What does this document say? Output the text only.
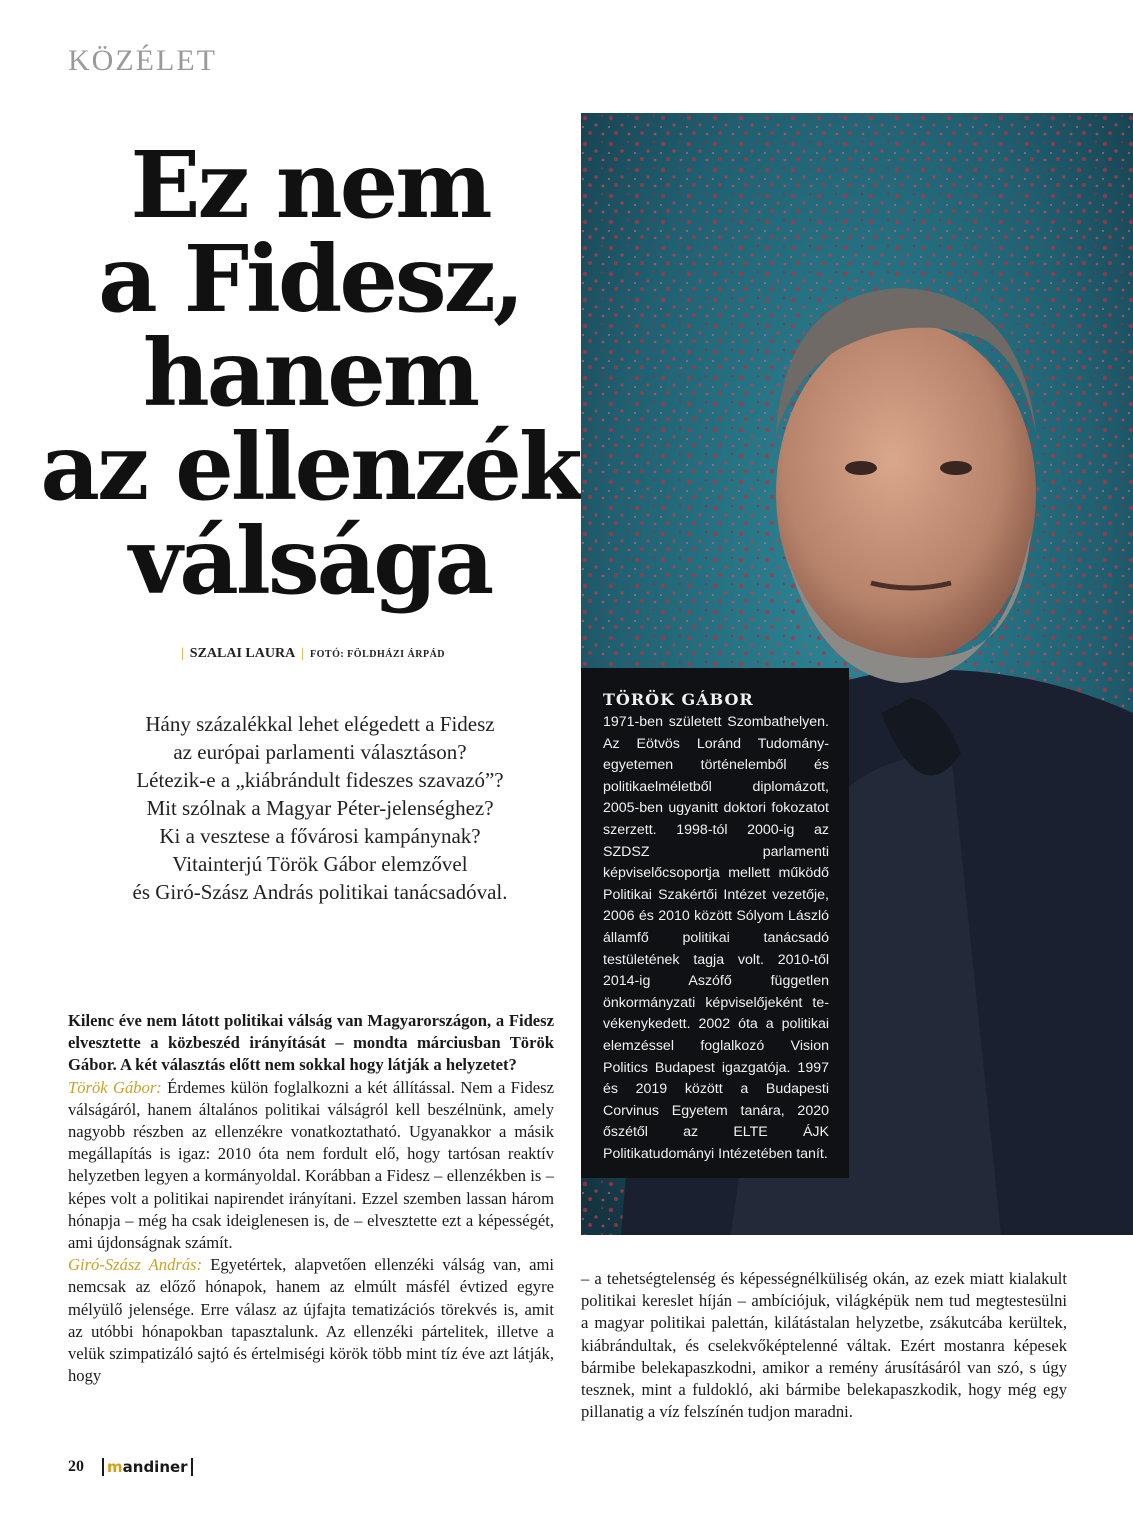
KÖZÉLET
Ez nem
a Fidesz,
hanem
az ellenzék
válsága
| SZALAI LAURA | FOTÓ: FÖLDHÁZI ÁRPÁD
Hány százalékkal lehet elégedett a Fidesz
az európai parlamenti választáson?
Létezik-e a „kiábrándult fideszes szavazó”?
Mit szólnak a Magyar Péter-jelenséghez?
Ki a vesztese a fővárosi kampánynak?
Vitainterjú Török Gábor elemzővel
és Giró-Szász András politikai tanácsadóval.
TÖRÖK GÁBOR
1971-ben született Szombathelyen. Az Eötvös Loránd Tudományegyetemen történelemből és politikaelméletből diplomázott, 2005-ben ugyanitt doktori fokozatot szerzett. 1998-tól 2000-ig az SZDSZ parlamenti képviselőcsoportja mellett működő Politikai Szakértői Intézet vezetője, 2006 és 2010 között Sólyom László államfő politikai tanácsadó testületének tagja volt. 2010-től 2014-ig Aszófő független önkormányzati képviselőjeként tevékenykedett. 2002 óta a politikai elemzéssel foglalkozó Vision Politics Budapest igazgatója. 1997 és 2019 között a Budapesti Corvinus Egyetem tanára, 2020 őszétől az ELTE ÁJK Politikatudományi Intézetében tanít.

Kilenc éve nem látott politikai válság van Magyarországon, a Fidesz elvesztette a közbeszéd irányítását – mondta márciusban Török Gábor. A két választás előtt nem sokkal hogy látják a helyzetet?

Török Gábor: Érdemes külön foglalkozni a két állítással. Nem a Fidesz válságáról, hanem általános politikai válságról kell beszélnünk, amely nagyobb részben az ellenzékre vonatkoztatható. Ugyanakkor a másik megállapítás is igaz: 2010 óta nem fordult elő, hogy tartósan reaktív helyzetben legyen a kormányoldal. Korábban a Fidesz – ellenzékben is – képes volt a politikai napirendet irányítani. Ezzel szemben lassan három hónapja – még ha csak ideiglenesen is, de – elvesztette ezt a képességét, ami újdonságnak számít.

Giró-Szász András: Egyetértek, alapvetően ellenzéki válság van, ami nemcsak az előző hónapok, hanem az elmúlt másfél évtized egyre mélyülő jelensége. Erre válasz az újfajta tematizációs törekvés is, amit az utóbbi hónapokban tapasztalunk. Az ellenzéki pártelitek, illetve a velük szimpatizáló sajtó és értelmiségi körök több mint tíz éve azt látják, hogy

– a tehetségtelenség és képességnélküliség okán, az ezek miatt kialakult politikai kereslet híján – ambíciójuk, világképük nem tud megtestesülni a magyar politikai palettán, kilátástalan helyzetbe, zsákutcába kerültek, kiábrándultak, és cselekvőképtelenné váltak. Ezért mostanra képesek bármibe belekapaszkodni, amikor a remény árusításáról van szó, s úgy tesznek, mint a fuldokló, aki bármibe belekapaszkodik, hogy még egy pillanatig a víz felszínén tudjon maradni.

20	mandiner
